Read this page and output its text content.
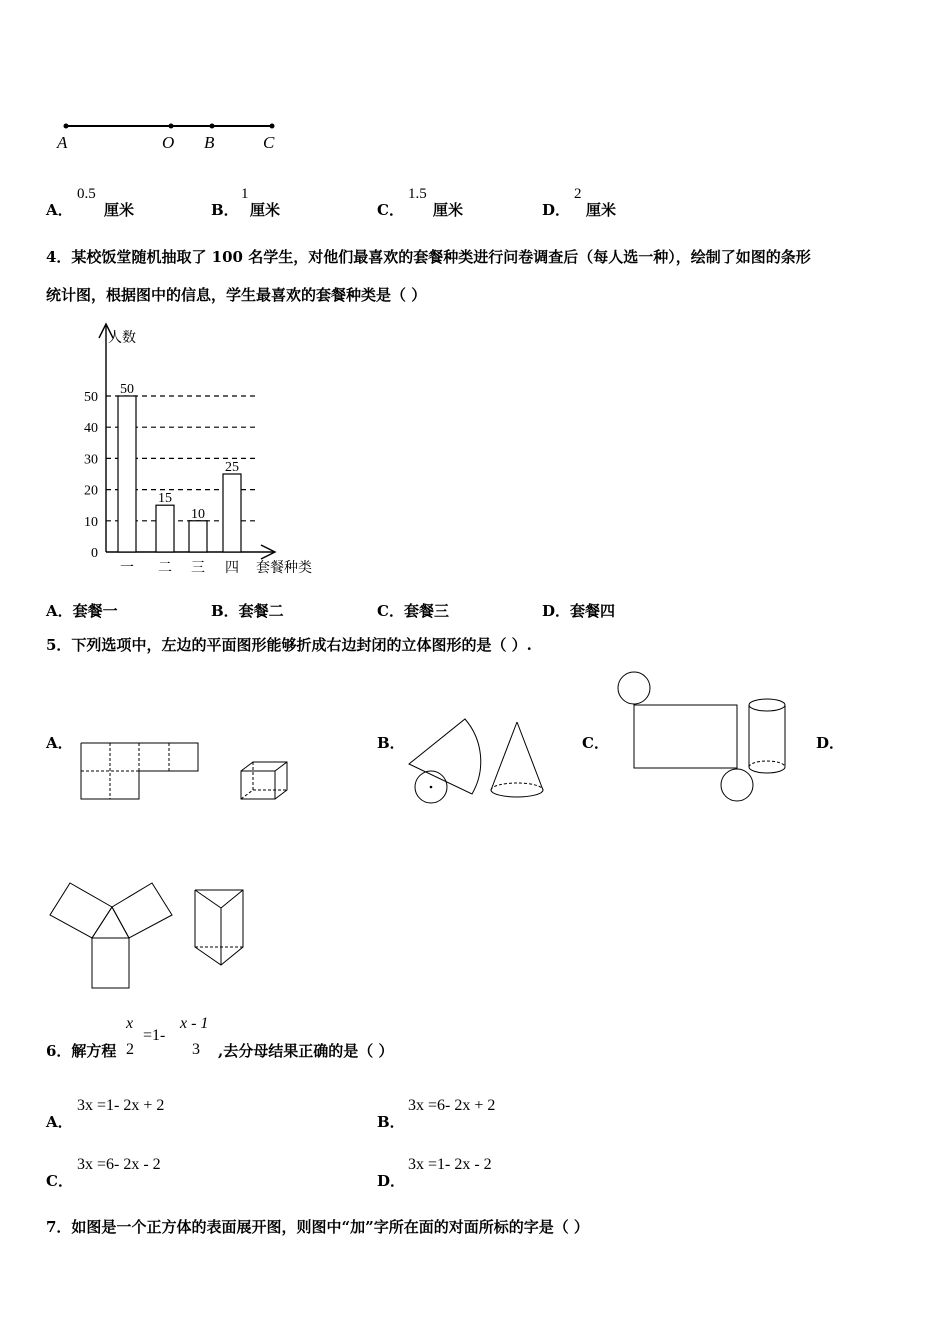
A	O B	C
A．
0.5
厘米	B．
1
厘米	C．
1.5
厘米	D．
2
厘米
4．某校饭堂随机抽取了 100 名学生，对他们最喜欢的套餐种类进行问卷调查后（每人选一种），绘制了如图的条形
统计图，根据图中的信息，学生最喜欢的套餐种类是（ ）
50
15
10
25
0
10
20
30
40
50
一 二 三 四
人数
套餐种类
A．套餐一	B．套餐二	C．套餐三	D．套餐四
5．下列选项中，左边的平面图形能够折成右边封闭的立体图形的是（ ）.
A．	B．	C．	D．
6．解方程
x
2
=1-
x - 1
3 ,去分母结果正确的是（ ）
A．
3x =1- 2x + 2
B．
3x =6- 2x + 2
C．
3x =6- 2x - 2
D．
3x =1- 2x - 2
7．如图是一个正方体的表面展开图，则图中“加”字所在面的对面所标的字是（ ）
